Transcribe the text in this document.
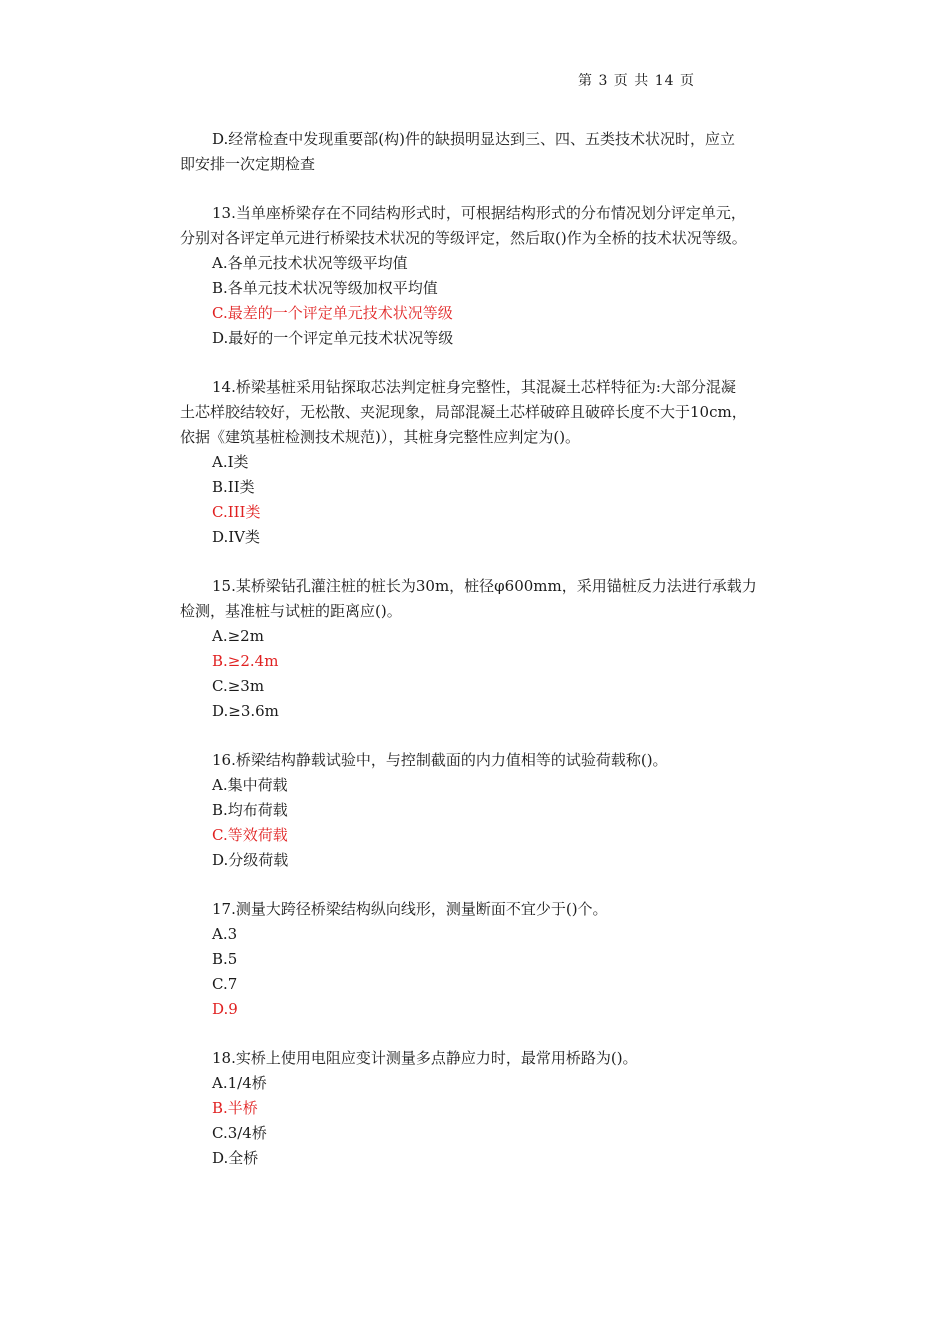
第 3 页 共 14 页
D.经常检查中发现重要部(构)件的缺损明显达到三、四、五类技术状况时，应立
即安排一次定期检查
13.当单座桥梁存在不同结构形式时，可根据结构形式的分布情况划分评定单元，
分别对各评定单元进行桥梁技术状况的等级评定，然后取()作为全桥的技术状况等级。
A.各单元技术状况等级平均值
B.各单元技术状况等级加权平均值
C.最差的一个评定单元技术状况等级
D.最好的一个评定单元技术状况等级
14.桥梁基桩采用钻探取芯法判定桩身完整性，其混凝土芯样特征为:大部分混凝
土芯样胶结较好，无松散、夹泥现象，局部混凝土芯样破碎且破碎长度不大于10cm，
依据《建筑基桩检测技术规范)），其桩身完整性应判定为()。
A.I类
B.II类
C.III类
D.IV类
15.某桥梁钻孔灌注桩的桩长为30m，桩径φ600mm，采用锚桩反力法进行承载力
检测，基准桩与试桩的距离应()。
A.≥2m
B.≥2.4m
C.≥3m
D.≥3.6m
16.桥梁结构静载试验中，与控制截面的内力值相等的试验荷载称()。
A.集中荷载
B.均布荷载
C.等效荷载
D.分级荷载
17.测量大跨径桥梁结构纵向线形，测量断面不宜少于()个。
A.3
B.5
C.7
D.9
18.实桥上使用电阻应变计测量多点静应力时，最常用桥路为()。
A.1/4桥
B.半桥
C.3/4桥
D.全桥
